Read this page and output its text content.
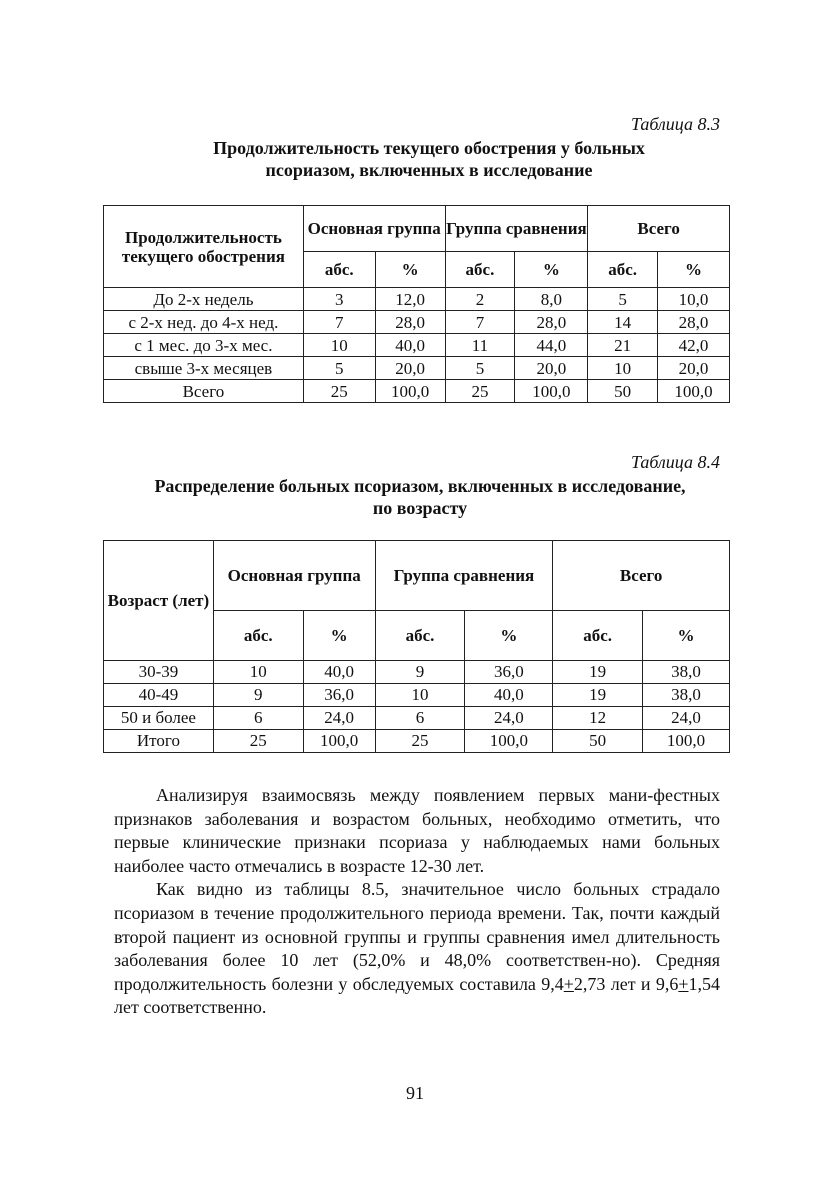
Таблица 8.3
Продолжительность текущего обострения у больных
псориазом, включенных в исследование
Продолжительность текущего обострения	Основная группа		Группа сравнения		Всего	
	абс.	%	абс.	%	абс.	%
До 2-х недель	3	12,0	2	8,0	5	10,0
с 2-х нед. до 4-х нед.	7	28,0	7	28,0	14	28,0
с 1 мес. до 3-х мес.	10	40,0	11	44,0	21	42,0
свыше 3-х месяцев	5	20,0	5	20,0	10	20,0
Всего	25	100,0	25	100,0	50	100,0
Таблица 8.4
Распределение больных псориазом, включенных в исследование,
по возрасту
Возраст (лет)	Основная группа		Группа сравнения		Всего	
	абс.	%	абс.	%	абс.	%
30-39	10	40,0	9	36,0	19	38,0
40-49	9	36,0	10	40,0	19	38,0
50 и более	6	24,0	6	24,0	12	24,0
Итого	25	100,0	25	100,0	50	100,0

Анализируя взаимосвязь между появлением первых мани-фестных признаков заболевания и возрастом больных, необходимо отметить, что первые клинические признаки псориаза у наблюдаемых нами больных наиболее часто отмечались в возрасте 12-30 лет.

Как видно из таблицы 8.5, значительное число больных страдало псориазом в течение продолжительного периода времени. Так, почти каждый второй пациент из основной группы и группы сравнения имел длительность заболевания более 10 лет (52,0% и 48,0% соответствен-но). Средняя продолжительность болезни у обследуемых составила 9,4+2,73 лет и 9,6+1,54 лет соответственно.

91
